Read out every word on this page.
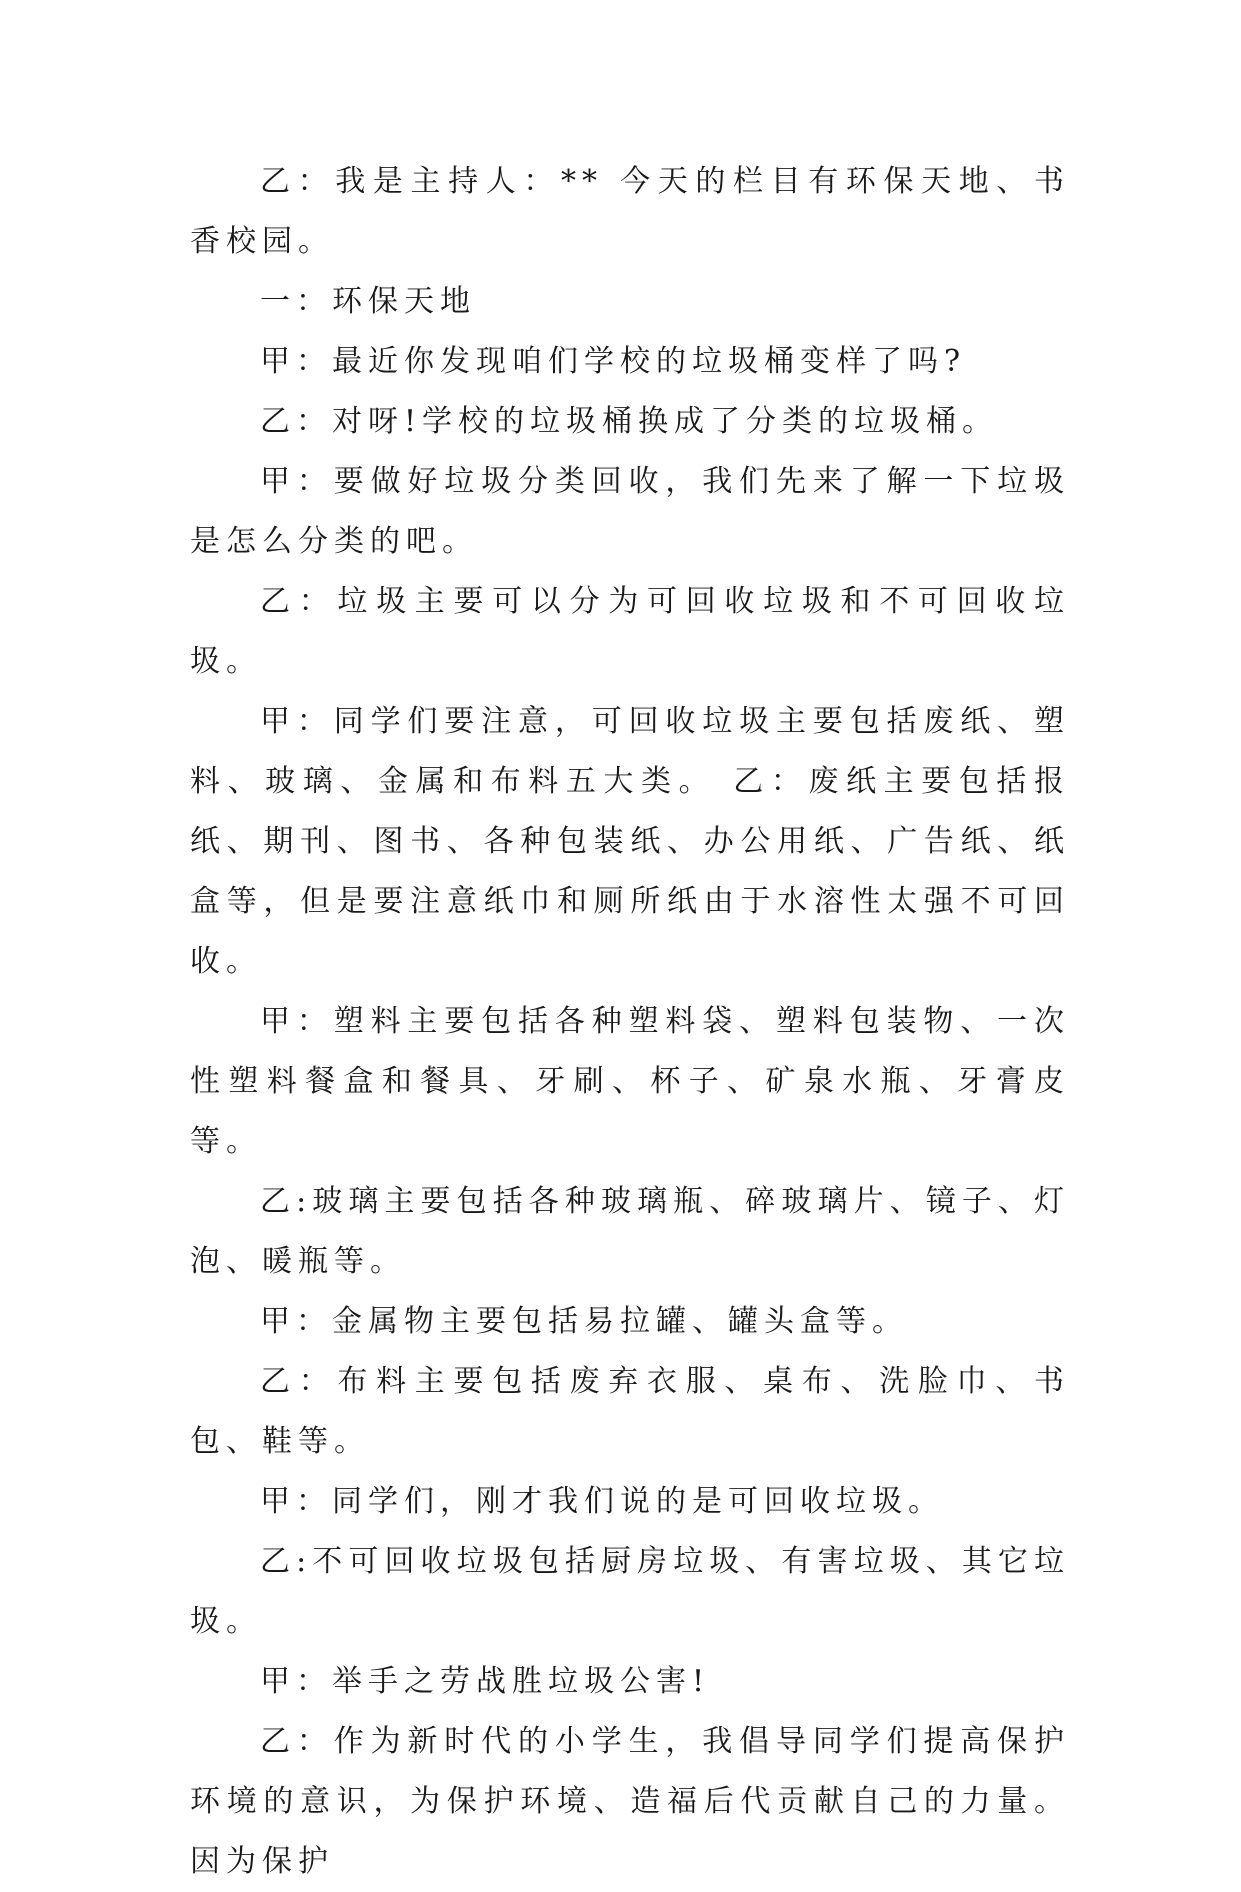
乙：我是主持人：** 今天的栏目有环保天地、书香校园。

一：环保天地

甲：最近你发现咱们学校的垃圾桶变样了吗?

乙：对呀!学校的垃圾桶换成了分类的垃圾桶。

甲：要做好垃圾分类回收，我们先来了解一下垃圾是怎么分类的吧。

乙：垃圾主要可以分为可回收垃圾和不可回收垃圾。

甲：同学们要注意，可回收垃圾主要包括废纸、塑料、玻璃、金属和布料五大类。 乙：废纸主要包括报纸、期刊、图书、各种包装纸、办公用纸、广告纸、纸盒等，但是要注意纸巾和厕所纸由于水溶性太强不可回收。

甲：塑料主要包括各种塑料袋、塑料包装物、一次性塑料餐盒和餐具、牙刷、杯子、矿泉水瓶、牙膏皮等。

乙:玻璃主要包括各种玻璃瓶、碎玻璃片、镜子、灯泡、暖瓶等。

甲：金属物主要包括易拉罐、罐头盒等。

乙：布料主要包括废弃衣服、桌布、洗脸巾、书包、鞋等。

甲：同学们，刚才我们说的是可回收垃圾。

乙:不可回收垃圾包括厨房垃圾、有害垃圾、其它垃圾。

甲：举手之劳战胜垃圾公害!

乙：作为新时代的小学生，我倡导同学们提高保护环境的意识，为保护环境、造福后代贡献自己的力量。因为保护
